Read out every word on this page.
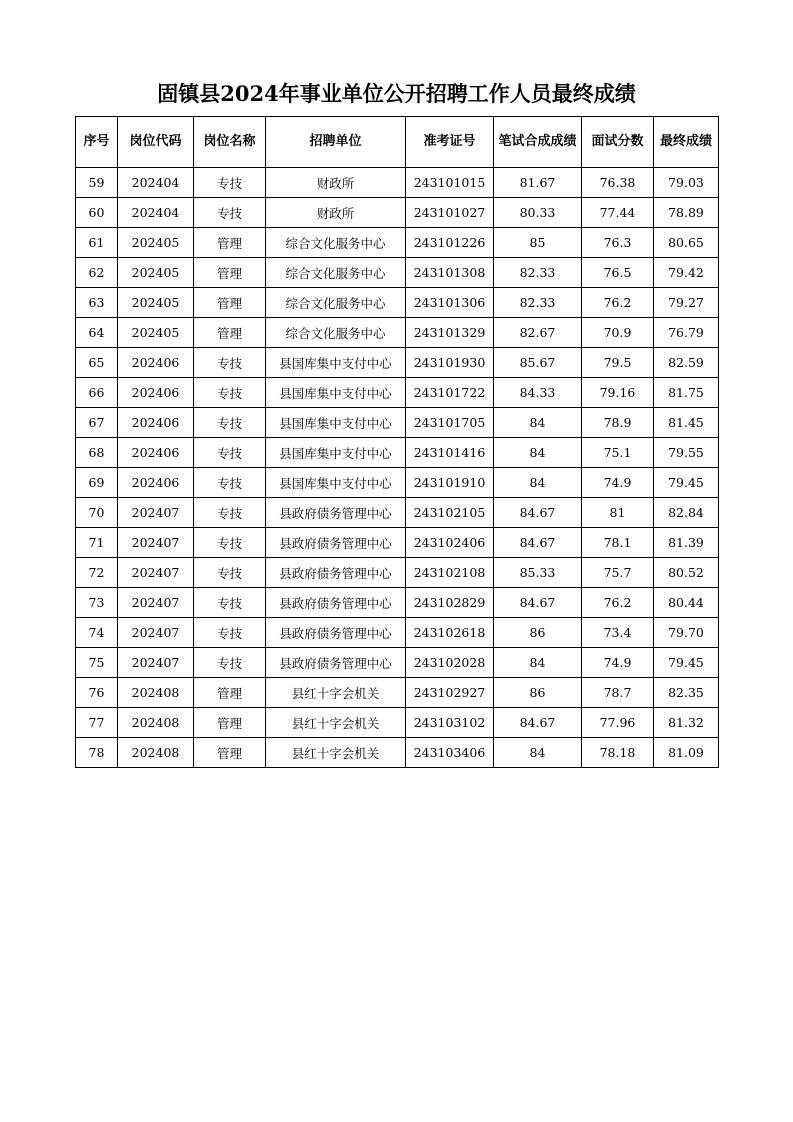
固镇县2024年事业单位公开招聘工作人员最终成绩
序号	岗位代码	岗位名称	招聘单位	准考证号	笔试合成成绩	面试分数	最终成绩
59	202404	专技	财政所	243101015	81.67	76.38	79.03
60	202404	专技	财政所	243101027	80.33	77.44	78.89
61	202405	管理	综合文化服务中心	243101226	85	76.3	80.65
62	202405	管理	综合文化服务中心	243101308	82.33	76.5	79.42
63	202405	管理	综合文化服务中心	243101306	82.33	76.2	79.27
64	202405	管理	综合文化服务中心	243101329	82.67	70.9	76.79
65	202406	专技	县国库集中支付中心	243101930	85.67	79.5	82.59
66	202406	专技	县国库集中支付中心	243101722	84.33	79.16	81.75
67	202406	专技	县国库集中支付中心	243101705	84	78.9	81.45
68	202406	专技	县国库集中支付中心	243101416	84	75.1	79.55
69	202406	专技	县国库集中支付中心	243101910	84	74.9	79.45
70	202407	专技	县政府债务管理中心	243102105	84.67	81	82.84
71	202407	专技	县政府债务管理中心	243102406	84.67	78.1	81.39
72	202407	专技	县政府债务管理中心	243102108	85.33	75.7	80.52
73	202407	专技	县政府债务管理中心	243102829	84.67	76.2	80.44
74	202407	专技	县政府债务管理中心	243102618	86	73.4	79.70
75	202407	专技	县政府债务管理中心	243102028	84	74.9	79.45
76	202408	管理	县红十字会机关	243102927	86	78.7	82.35
77	202408	管理	县红十字会机关	243103102	84.67	77.96	81.32
78	202408	管理	县红十字会机关	243103406	84	78.18	81.09
